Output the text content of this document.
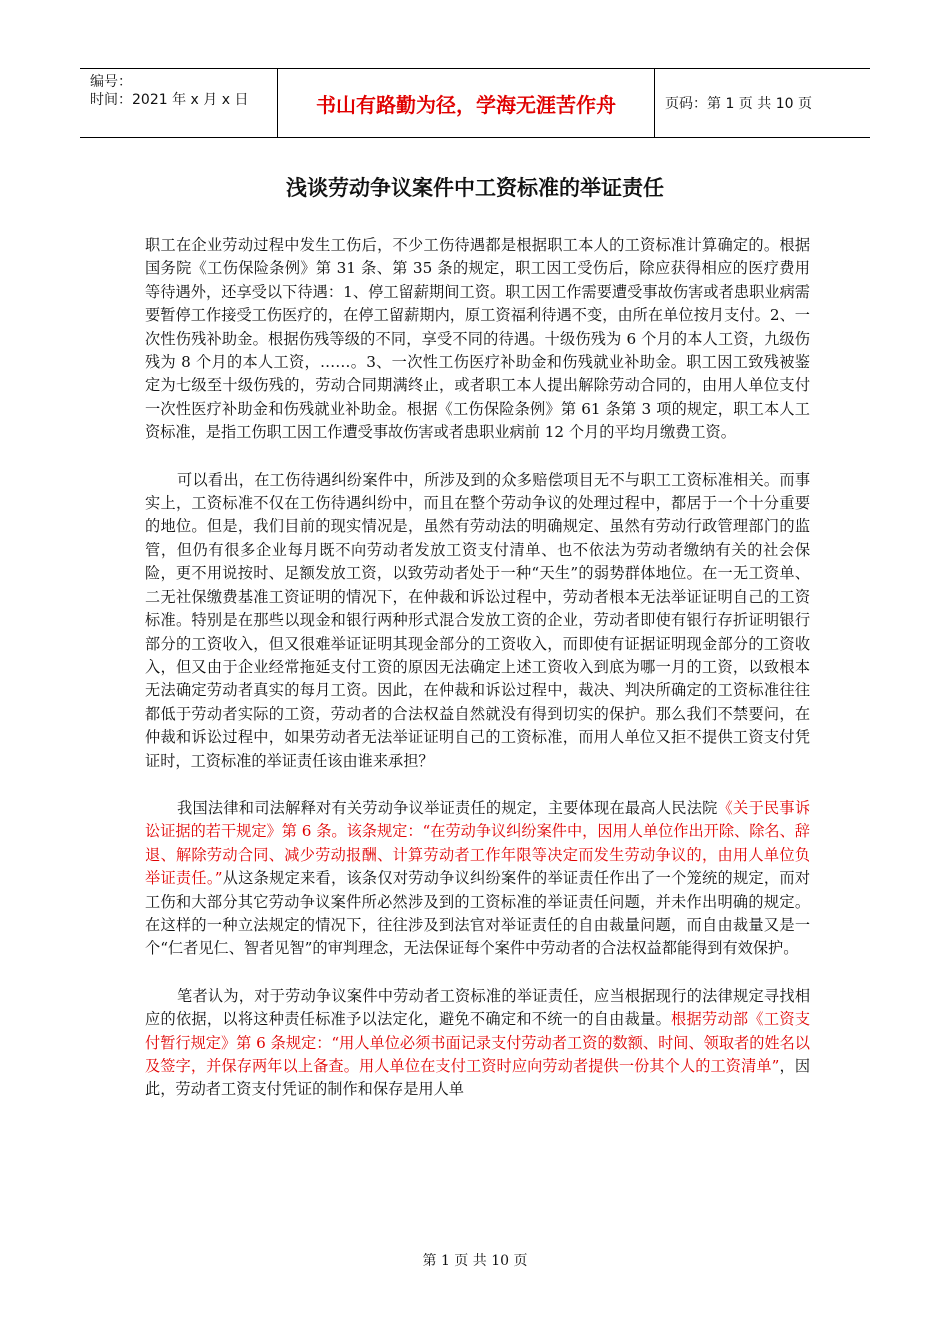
编号：
时间：2021 年 x 月 x 日	书山有路勤为径，学海无涯苦作舟	页码：第 1 页 共 10 页
浅谈劳动争议案件中工资标准的举证责任

职工在企业劳动过程中发生工伤后，不少工伤待遇都是根据职工本人的工资标准计算确定的。根据国务院《工伤保险条例》第 31 条、第 35 条的规定，职工因工受伤后，除应获得相应的医疗费用等待遇外，还享受以下待遇：1、停工留薪期间工资。职工因工作需要遭受事故伤害或者患职业病需要暂停工作接受工伤医疗的，在停工留薪期内，原工资福利待遇不变，由所在单位按月支付。2、一次性伤残补助金。根据伤残等级的不同，享受不同的待遇。十级伤残为 6 个月的本人工资，九级伤残为 8 个月的本人工资，……。3、一次性工伤医疗补助金和伤残就业补助金。职工因工致残被鉴定为七级至十级伤残的，劳动合同期满终止，或者职工本人提出解除劳动合同的，由用人单位支付一次性医疗补助金和伤残就业补助金。根据《工伤保险条例》第 61 条第 3 项的规定，职工本人工资标准，是指工伤职工因工作遭受事故伤害或者患职业病前 12 个月的平均月缴费工资。

可以看出，在工伤待遇纠纷案件中，所涉及到的众多赔偿项目无不与职工工资标准相关。而事实上，工资标准不仅在工伤待遇纠纷中，而且在整个劳动争议的处理过程中，都居于一个十分重要的地位。但是，我们目前的现实情况是，虽然有劳动法的明确规定、虽然有劳动行政管理部门的监管，但仍有很多企业每月既不向劳动者发放工资支付清单、也不依法为劳动者缴纳有关的社会保险，更不用说按时、足额发放工资，以致劳动者处于一种“天生”的弱势群体地位。在一无工资单、二无社保缴费基准工资证明的情况下，在仲裁和诉讼过程中，劳动者根本无法举证证明自己的工资标准。特别是在那些以现金和银行两种形式混合发放工资的企业，劳动者即使有银行存折证明银行部分的工资收入，但又很难举证证明其现金部分的工资收入，而即使有证据证明现金部分的工资收入，但又由于企业经常拖延支付工资的原因无法确定上述工资收入到底为哪一月的工资，以致根本无法确定劳动者真实的每月工资。因此，在仲裁和诉讼过程中，裁决、判决所确定的工资标准往往都低于劳动者实际的工资，劳动者的合法权益自然就没有得到切实的保护。那么我们不禁要问，在仲裁和诉讼过程中，如果劳动者无法举证证明自己的工资标准，而用人单位又拒不提供工资支付凭证时，工资标准的举证责任该由谁来承担？

我国法律和司法解释对有关劳动争议举证责任的规定，主要体现在最高人民法院《关于民事诉讼证据的若干规定》第 6 条。该条规定：“在劳动争议纠纷案件中，因用人单位作出开除、除名、辞退、解除劳动合同、减少劳动报酬、计算劳动者工作年限等决定而发生劳动争议的，由用人单位负举证责任。”从这条规定来看，该条仅对劳动争议纠纷案件的举证责任作出了一个笼统的规定，而对工伤和大部分其它劳动争议案件所必然涉及到的工资标准的举证责任问题，并未作出明确的规定。在这样的一种立法规定的情况下，往往涉及到法官对举证责任的自由裁量问题，而自由裁量又是一个“仁者见仁、智者见智”的审判理念，无法保证每个案件中劳动者的合法权益都能得到有效保护。

笔者认为，对于劳动争议案件中劳动者工资标准的举证责任，应当根据现行的法律规定寻找相应的依据，以将这种责任标准予以法定化，避免不确定和不统一的自由裁量。根据劳动部《工资支付暂行规定》第 6 条规定：“用人单位必须书面记录支付劳动者工资的数额、时间、领取者的姓名以及签字，并保存两年以上备查。用人单位在支付工资时应向劳动者提供一份其个人的工资清单”，因此，劳动者工资支付凭证的制作和保存是用人单

第 1 页 共 10 页
